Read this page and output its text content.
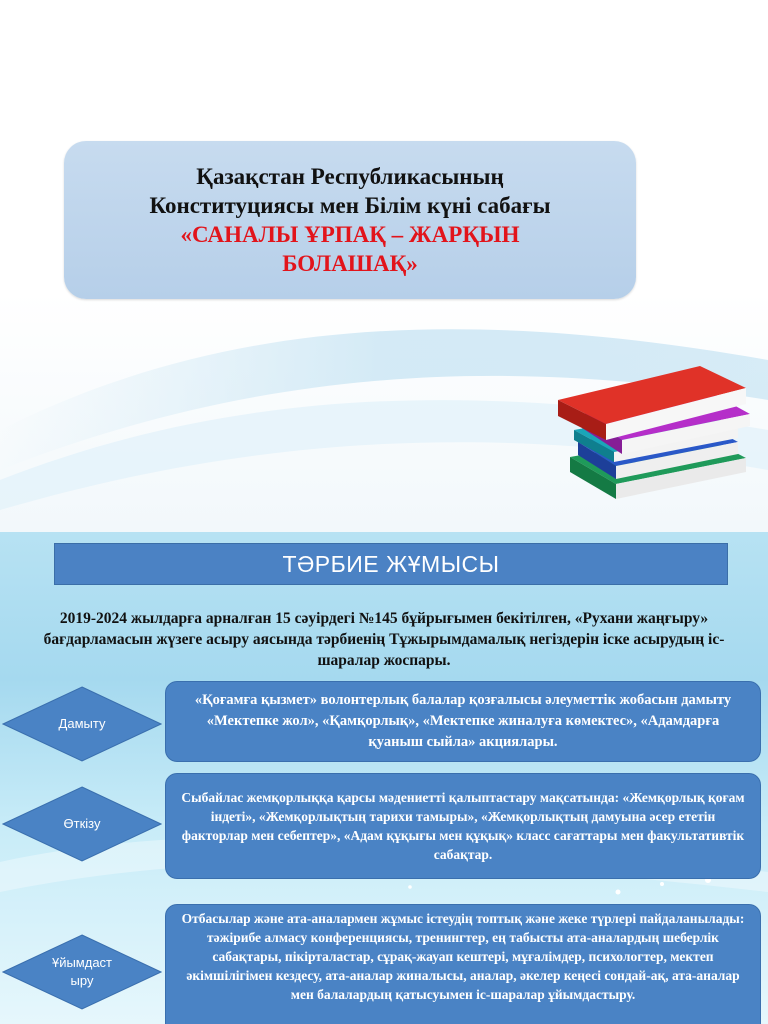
Қазақстан Республикасының
Конституциясы мен Білім күні сабағы
«САНАЛЫ ҰРПАҚ – ЖАРҚЫН
БОЛАШАҚ»
ТӘРБИЕ ЖҰМЫСЫ
2019-2024 жылдарға арналған 15 сәуірдегі №145 бұйрығымен бекітілген, «Рухани жаңғыру» бағдарламасын жүзеге асыру аясында тәрбиенің Тұжырымдамалық негіздерін іске асырудың іс-шаралар жоспары.
Дамыту
«Қоғамға қызмет» волонтерлық балалар қозғалысы әлеуметтік жобасын дамыту «Мектепке жол», «Қамқорлық», «Мектепке жиналуға көмектес», «Адамдарға қуаныш сыйла» акциялары.
Өткізу
Сыбайлас жемқорлыққа қарсы мәдениетті қалыптастару мақсатында: «Жемқорлық қоғам індеті», «Жемқорлықтың тарихи тамыры», «Жемқорлықтың дамуына әсер ететін факторлар мен себептер», «Адам құқығы мен құқық» класс сағаттары мен факультативтік сабақтар.
Ұйымдаст ыру
Отбасылар және ата-аналармен жұмыс істеудің топтық және жеке түрлері пайдаланылады: тәжірибе алмасу конференциясы, тренингтер, ең табысты ата-аналардың шеберлік сабақтары, пікірталастар, сұрақ-жауап кештері, мұғалімдер, психологтер, мектеп әкімшілігімен кездесу, ата-аналар жиналысы, аналар, әкелер кеңесі сондай-ақ, ата-аналар мен балалардың қатысуымен іс-шаралар ұйымдастыру.
